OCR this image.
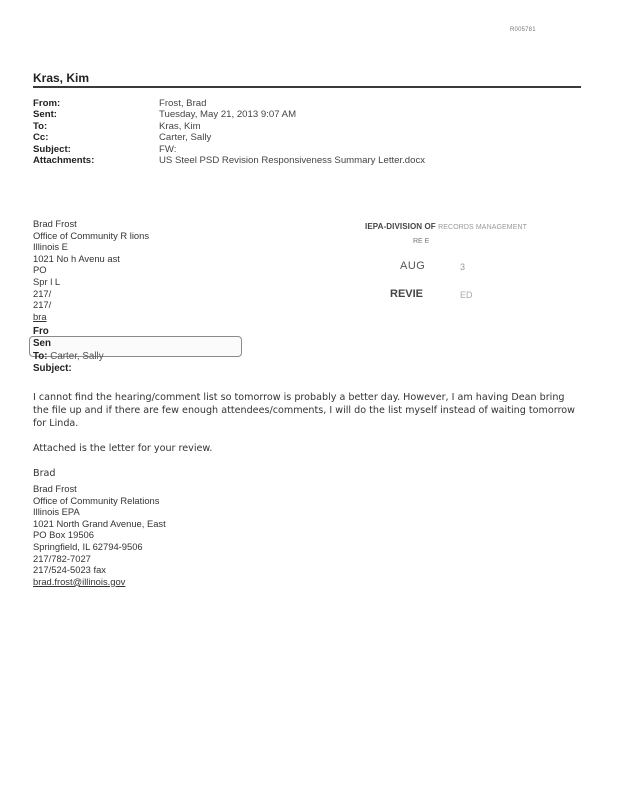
R005781
Kras, Kim
From:	Frost, Brad
Sent:	Tuesday, May 21, 2013 9:07 AM
To:	Kras, Kim
Cc:	Carter, Sally
Subject:	FW:
Attachments:	US Steel PSD Revision Responsiveness Summary Letter.docx
Brad Frost
Office of Community R lions
Illinois E
1021 No h Avenu ast
PO
Spr l L
217/
217/
bra
IEPA-DIVISION OF RECORDS MANAGEMENT
RE E
AUG	3
REVIE	ED
Fro
Sen
To: Carter, Sally
Subject:

I cannot find the hearing/comment list so tomorrow is probably a better day. However, I am having Dean bring the file up and if there are few enough attendees/comments, I will do the list myself instead of waiting tomorrow for Linda.

Attached is the letter for your review.

Brad

Brad Frost
Office of Community Relations
Illinois EPA
1021 North Grand Avenue, East
PO Box 19506
Springfield, IL 62794-9506
217/782-7027
217/524-5023 fax
brad.frost@illinois.gov
